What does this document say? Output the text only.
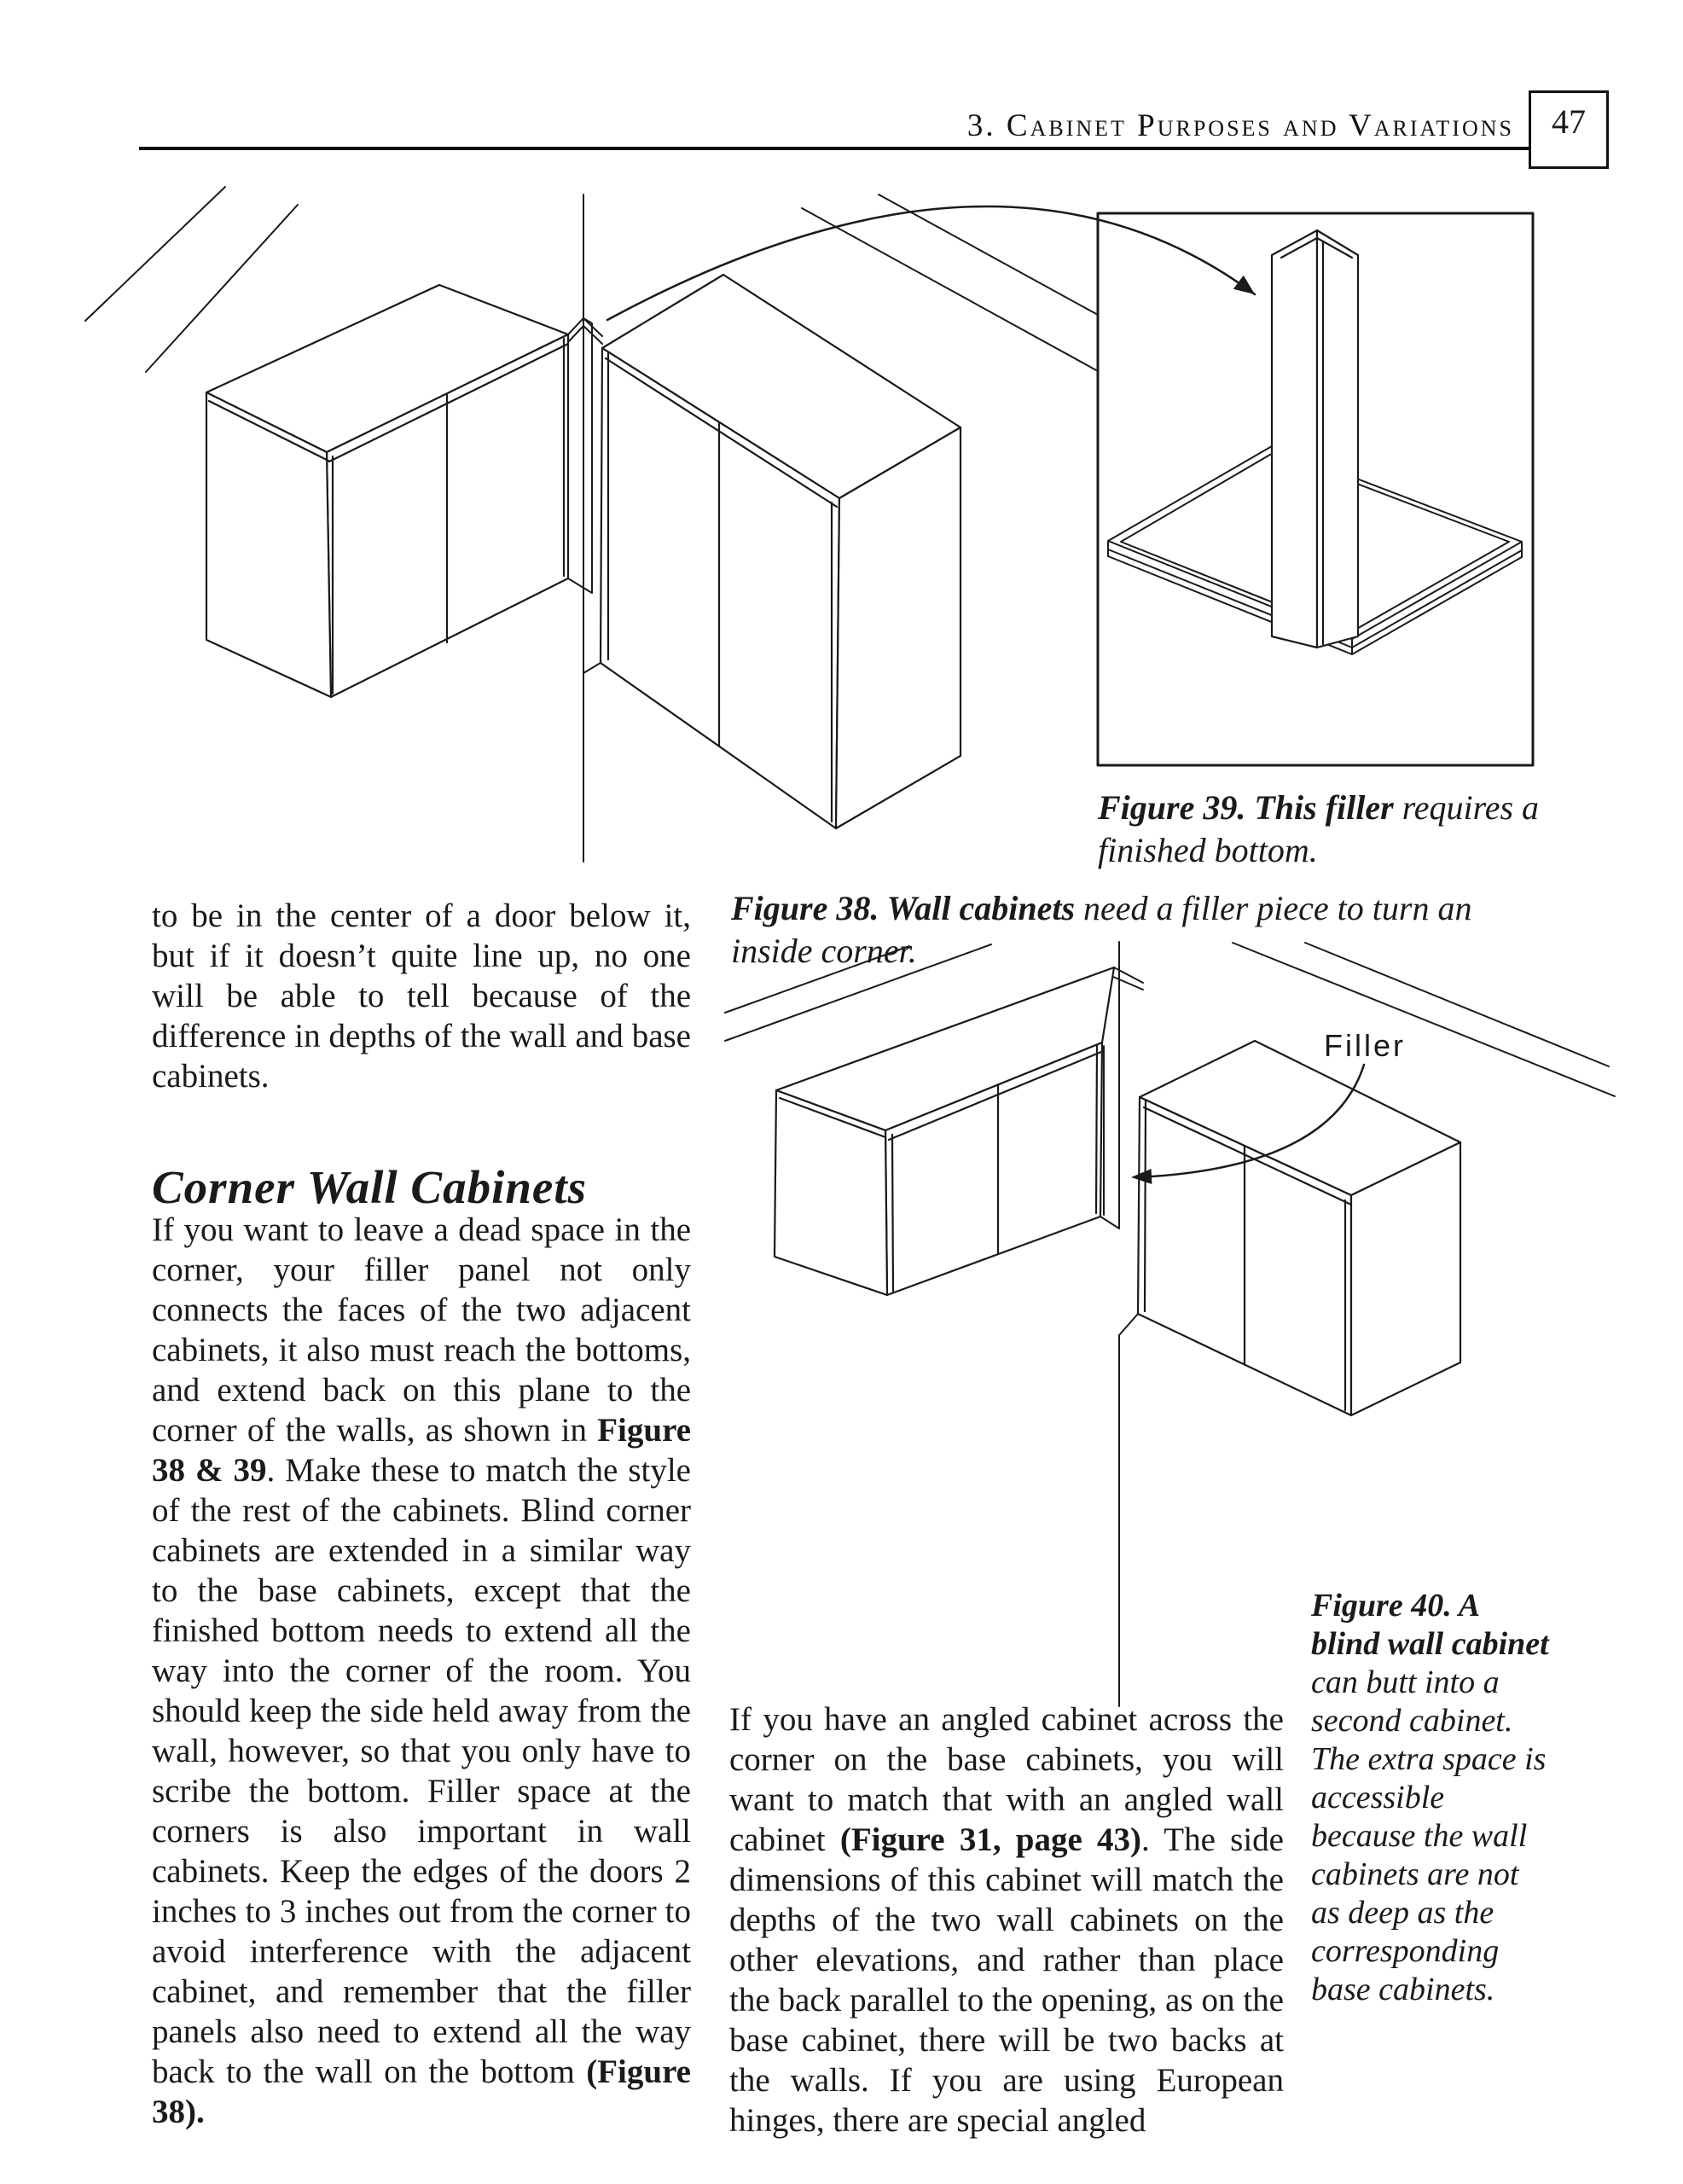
3. Cabinet Purposes and Variations	47
Figure 39. This filler requires a finished bottom.
Figure 38. Wall cabinets need a filler piece to turn an inside corner.
to be in the center of a door below it, but if it doesn’t quite line up, no one will be able to tell because of the difference in depths of the wall and base cabinets.
Corner Wall Cabinets
If you want to leave a dead space in the corner, your filler panel not only connects the faces of the two adjacent cabinets, it also must reach the bottoms, and extend back on this plane to the corner of the walls, as shown in Figure 38 & 39. Make these to match the style of the rest of the cabinets. Blind corner cabinets are extended in a similar way to the base cabinets, except that the finished bottom needs to extend all the way into the corner of the room. You should keep the side held away from the wall, however, so that you only have to scribe the bottom. Filler space at the corners is also important in wall cabinets. Keep the edges of the doors 2 inches to 3 inches out from the corner to avoid interference with the adjacent cabinet, and remember that the filler panels also need to extend all the way back to the wall on the bottom (Figure 38).
Filler
Figure 40. A blind wall cabinet can butt into a second cabinet. The extra space is accessible because the wall cabinets are not as deep as the corresponding base cabinets.
If you have an angled cabinet across the corner on the base cabinets, you will want to match that with an angled wall cabinet (Figure 31, page 43). The side dimensions of this cabinet will match the depths of the two wall cabinets on the other elevations, and rather than place the back parallel to the opening, as on the base cabinet, there will be two backs at the walls. If you are using European hinges, there are special angled
